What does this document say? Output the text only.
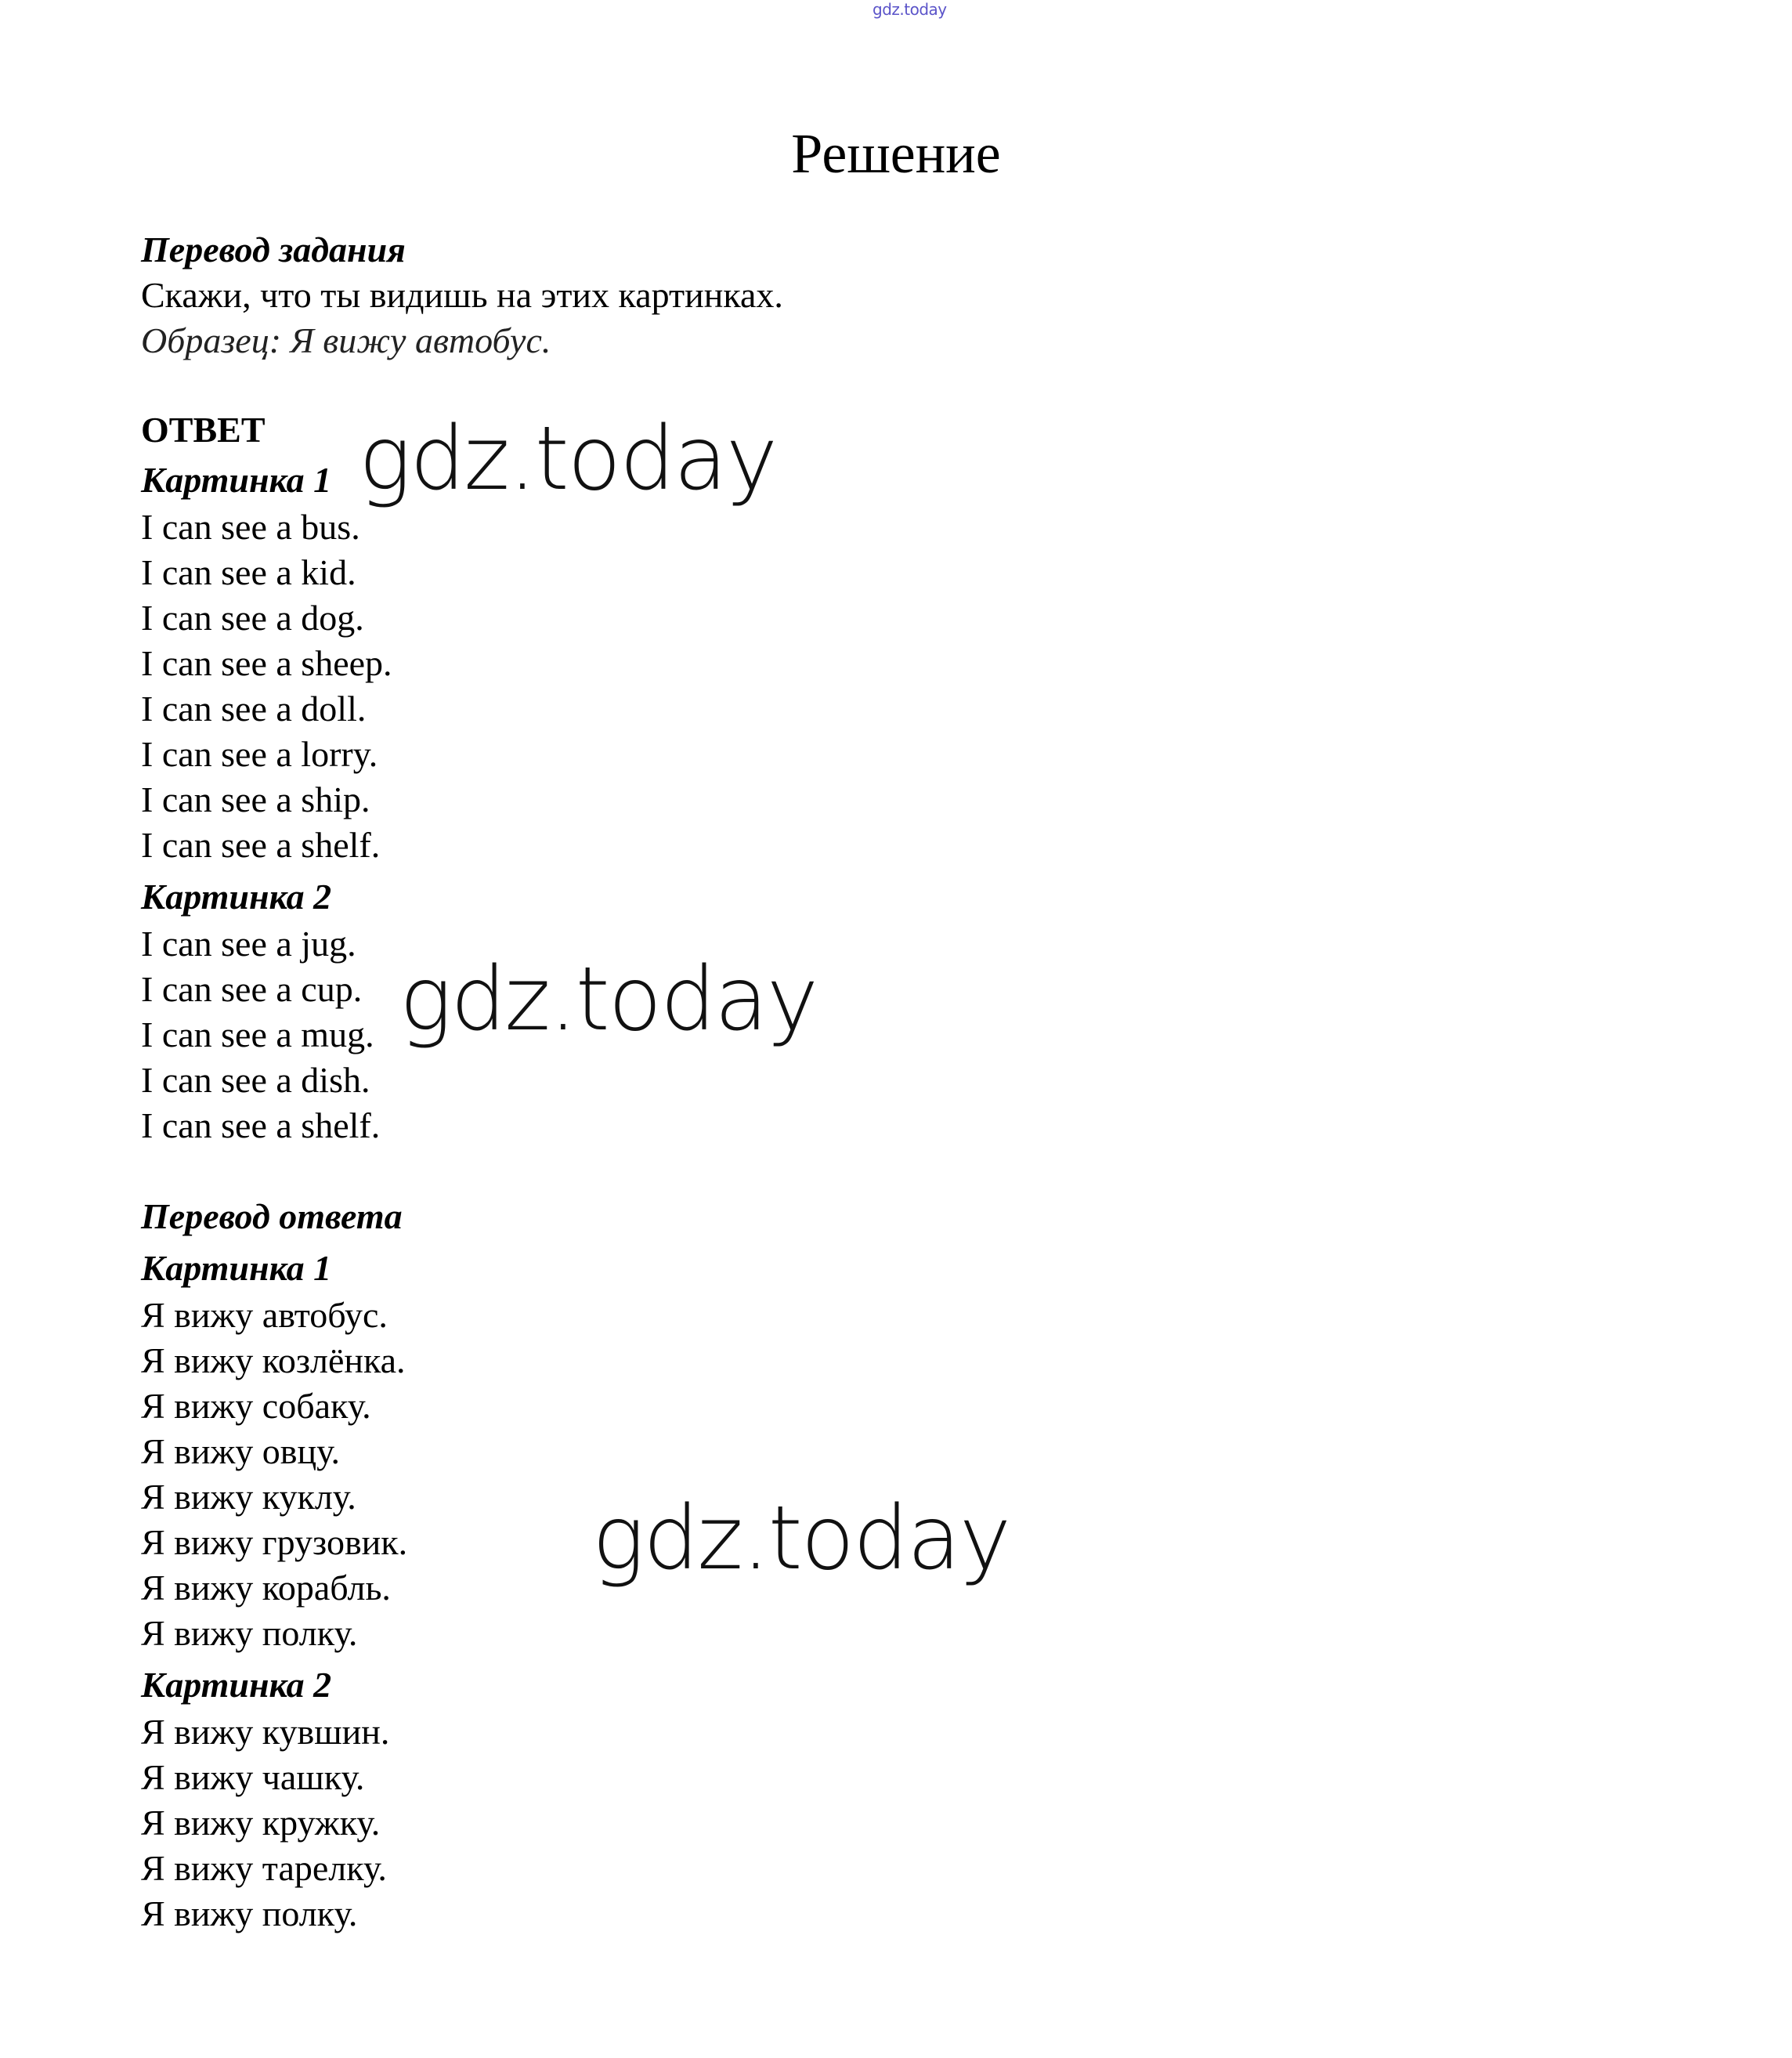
gdz.today
Решение

Перевод задания

Скажи, что ты видишь на этих картинках.

Образец: Я вижу автобус.

ОТВЕТ

Картинка 1

I can see a bus.

I can see a kid.

I can see a dog.

I can see a sheep.

I can see a doll.

I can see a lorry.

I can see a ship.

I can see a shelf.

Картинка 2

I can see a jug.

I can see a cup.

I can see a mug.

I can see a dish.

I can see a shelf.

Перевод ответа

Картинка 1

Я вижу автобус.

Я вижу козлёнка.

Я вижу собаку.

Я вижу овцу.

Я вижу куклу.

Я вижу грузовик.

Я вижу корабль.

Я вижу полку.

Картинка 2

Я вижу кувшин.

Я вижу чашку.

Я вижу кружку.

Я вижу тарелку.

Я вижу полку.

gdz.today
gdz.today
gdz.today
